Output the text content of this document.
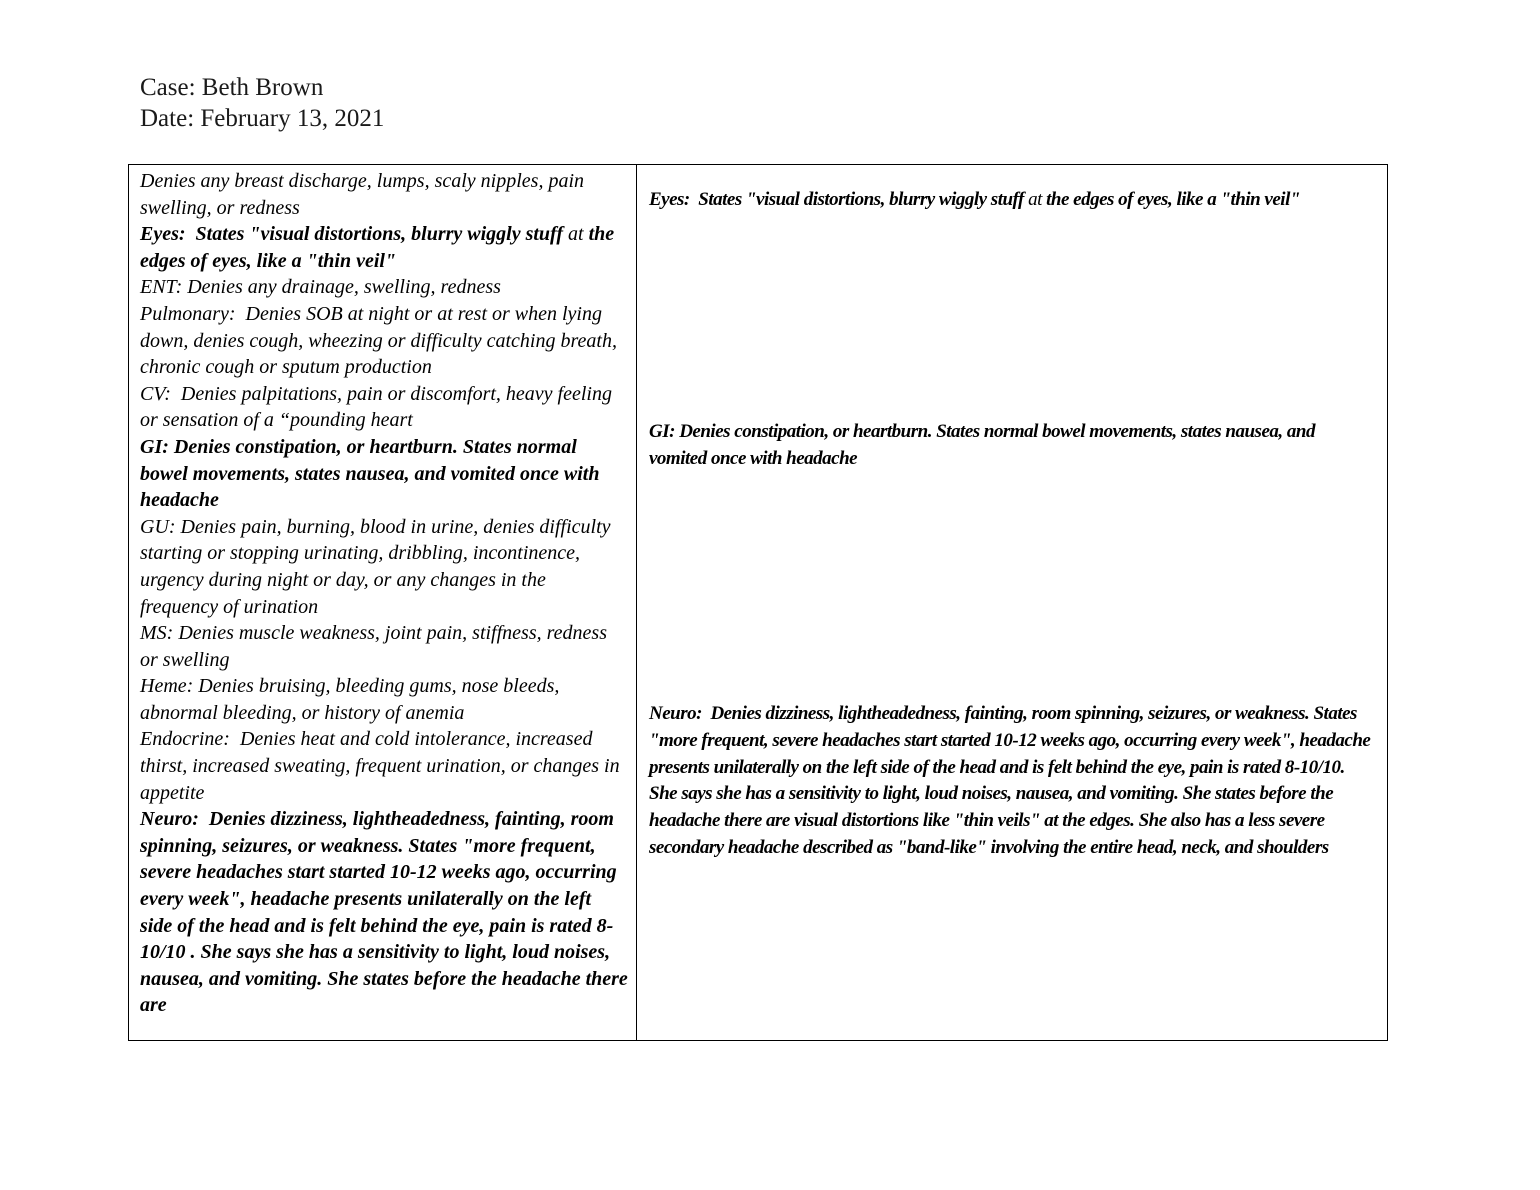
Case: Beth Brown
Date: February 13, 2021

Denies any breast discharge, lumps, scaly nipples, pain swelling, or redness

Eyes:  States "visual distortions, blurry wiggly stuff at the edges of eyes, like a "thin veil"

ENT: Denies any drainage, swelling, redness

Pulmonary:  Denies SOB at night or at rest or when lying down, denies cough, wheezing or difficulty catching breath, chronic cough or sputum production

CV:  Denies palpitations, pain or discomfort, heavy feeling or sensation of a “pounding heart

GI: Denies constipation, or heartburn. States normal bowel movements, states nausea, and vomited once with headache

GU: Denies pain, burning, blood in urine, denies difficulty starting or stopping urinating, dribbling, incontinence, urgency during night or day, or any changes in the frequency of urination

MS: Denies muscle weakness, joint pain, stiffness, redness or swelling

Heme: Denies bruising, bleeding gums, nose bleeds, abnormal bleeding, or history of anemia

Endocrine:  Denies heat and cold intolerance, increased thirst, increased sweating, frequent urination, or changes in appetite

Neuro:  Denies dizziness, lightheadedness, fainting, room spinning, seizures, or weakness. States "more frequent, severe headaches start started 10-12 weeks ago, occurring every week", headache presents unilaterally on the left side of the head and is felt behind the eye, pain is rated 8-10/10 . She says she has a sensitivity to light, loud noises, nausea, and vomiting. She states before the headache there are

Eyes:  States "visual distortions, blurry wiggly stuff at the edges of eyes, like a "thin veil"

GI: Denies constipation, or heartburn. States normal bowel movements, states nausea, and vomited once with headache

Neuro:  Denies dizziness, lightheadedness, fainting, room spinning, seizures, or weakness. States "more frequent, severe headaches start started 10-12 weeks ago, occurring every week", headache presents unilaterally on the left side of the head and is felt behind the eye, pain is rated 8-10/10. She says she has a sensitivity to light, loud noises, nausea, and vomiting. She states before the headache there are visual distortions like "thin veils" at the edges. She also has a less severe secondary headache described as "band-like" involving the entire head, neck, and shoulders
